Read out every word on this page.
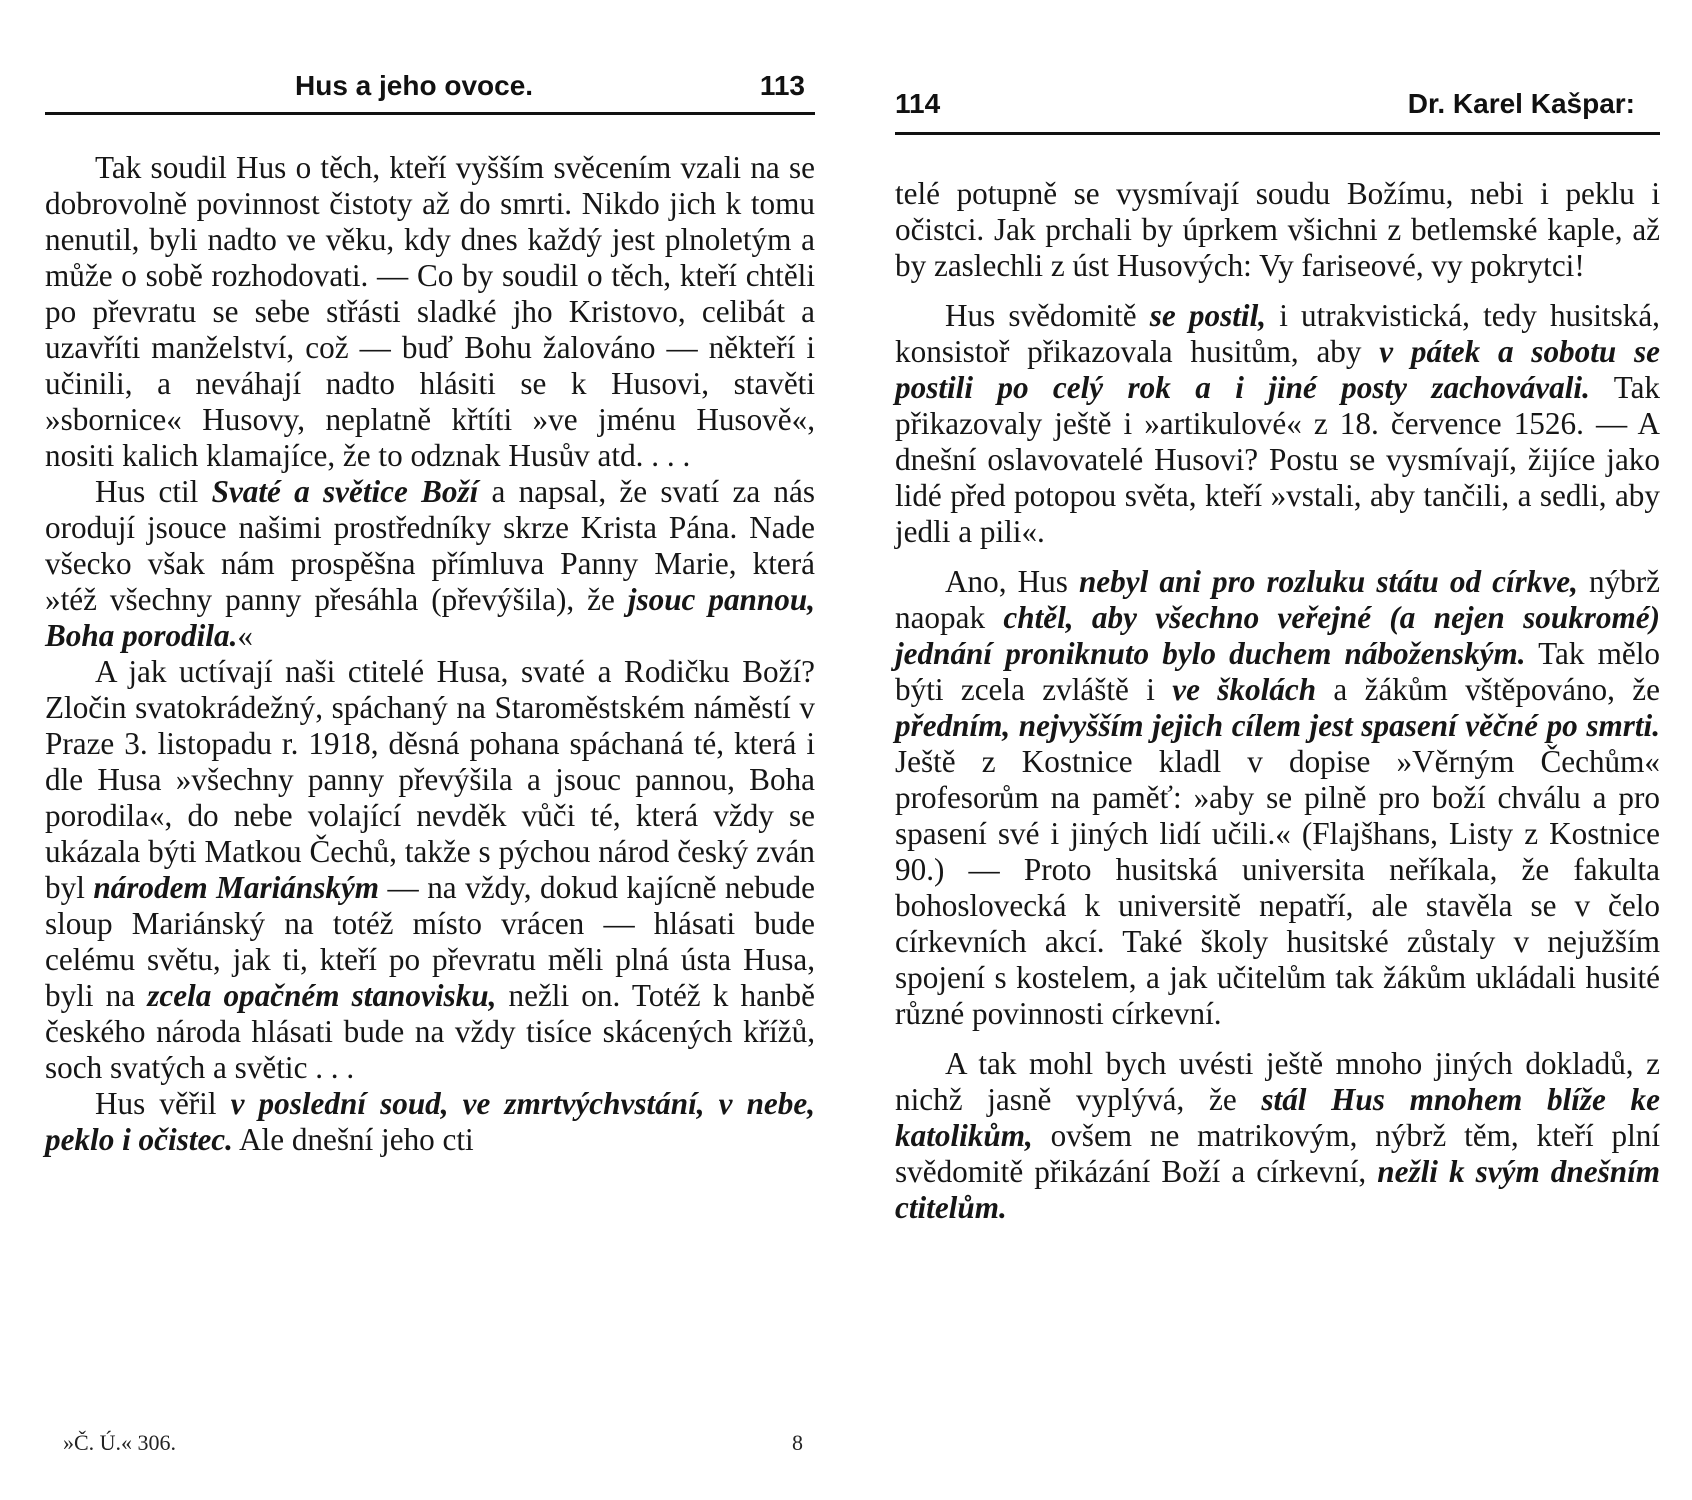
Hus a jeho ovoce.	113

Tak soudil Hus o těch, kteří vyšším svěcením vzali na se dobrovolně povinnost čistoty až do smrti. Nikdo jich k tomu nenutil, byli nadto ve věku, kdy dnes každý jest plnoletým a může o sobě rozhodovati. — Co by soudil o těch, kteří chtěli po převratu se sebe střásti sladké jho Kristovo, celibát a uzavříti manželství, což — buď Bohu žalováno — někteří i učinili, a neváhají nadto hlásiti se k Husovi, stavěti »sbornice« Husovy, neplatně křtíti »ve jménu Husově«, nositi kalich klamajíce, že to odznak Husův atd. . . .

Hus ctil Svaté a světice Boží a napsal, že svatí za nás orodují jsouce našimi prostředníky skrze Krista Pána. Nade všecko však nám prospěšna přímluva Panny Marie, která »též všechny panny přesáhla (převýšila), že jsouc pannou, Boha porodila.«

A jak uctívají naši ctitelé Husa, svaté a Rodičku Boží? Zločin svatokrádežný, spáchaný na Staroměstském náměstí v Praze 3. listopadu r. 1918, děsná pohana spáchaná té, která i dle Husa »všechny panny převýšila a jsouc pannou, Boha porodila«, do nebe volající nevděk vůči té, která vždy se ukázala býti Matkou Čechů, takže s pýchou národ český zván byl národem Mariánským — na vždy, dokud kajícně nebude sloup Mariánský na totéž místo vrácen — hlásati bude celému světu, jak ti, kteří po převratu měli plná ústa Husa, byli na zcela opačném stanovisku, nežli on. Totéž k hanbě českého národa hlásati bude na vždy tisíce skácených křížů, soch svatých a světic . . .

Hus věřil v poslední soud, ve zmrtvýchvstání, v nebe, peklo i očistec. Ale dnešní jeho cti

»Č. Ú.« 306.	8
114	Dr. Karel Kašpar:

telé potupně se vysmívají soudu Božímu, nebi i peklu i očistci. Jak prchali by úprkem všichni z betlemské kaple, až by zaslechli z úst Husových: Vy fariseové, vy pokrytci!

Hus svědomitě se postil, i utrakvistická, tedy husitská, konsistoř přikazovala husitům, aby v pátek a sobotu se postili po celý rok a i jiné posty zachovávali. Tak přikazovaly ještě i »artikulové« z 18. července 1526. — A dnešní oslavovatelé Husovi? Postu se vysmívají, žijíce jako lidé před potopou světa, kteří »vstali, aby tančili, a sedli, aby jedli a pili«.

Ano, Hus nebyl ani pro rozluku státu od církve, nýbrž naopak chtěl, aby všechno veřejné (a nejen soukromé) jednání proniknuto bylo duchem náboženským. Tak mělo býti zcela zvláště i ve školách a žákům vštěpováno, že předním, nejvyšším jejich cílem jest spasení věčné po smrti. Ještě z Kostnice kladl v dopise »Věrným Čechům« profesorům na paměť: »aby se pilně pro boží chválu a pro spasení své i jiných lidí učili.« (Flajšhans, Listy z Kostnice 90.) — Proto husitská universita neříkala, že fakulta bohoslovecká k universitě nepatří, ale stavěla se v čelo církevních akcí. Také školy husitské zůstaly v nejužším spojení s kostelem, a jak učitelům tak žákům ukládali husité různé povinnosti církevní.

A tak mohl bych uvésti ještě mnoho jiných dokladů, z nichž jasně vyplývá, že stál Hus mnohem blíže ke katolikům, ovšem ne matrikovým, nýbrž těm, kteří plní svědomitě přikázání Boží a církevní, nežli k svým dnešním ctitelům.
